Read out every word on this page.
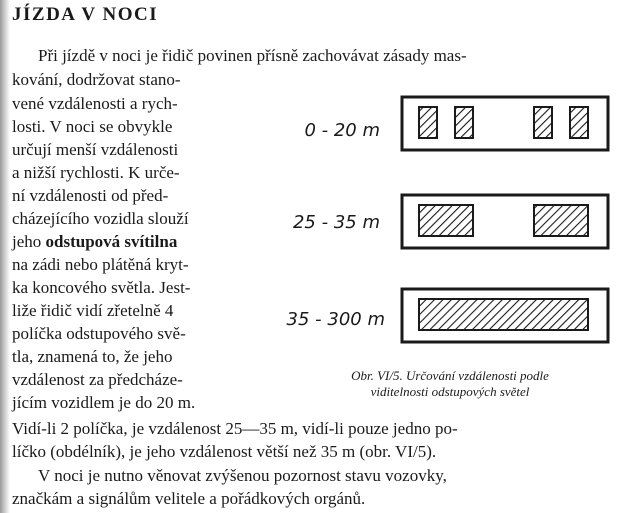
JÍZDA V NOCI

Při jízdě v noci je řidič povinen přísně zachovávat zásady mas-

kování, dodržovat stano-

vené vzdálenosti a rych-

losti. V noci se obvykle

určují menší vzdálenosti

a nižší rychlosti. K urče-

ní vzdálenosti od před-

cházejícího vozidla slouží

jeho odstupová svítilna

na zádi nebo plátěná kryt-

ka koncového světla. Jest-

liže řidič vidí zřetelně 4

políčka odstupového svě-

tla, znamená to, že jeho

vzdálenost za předcháze-

jícím vozidlem je do 20 m.

Vidí-li 2 políčka, je vzdálenost 25—35 m, vidí-li pouze jedno po-

líčko (obdélník), je jeho vzdálenost větší než 35 m (obr. VI/5).

V noci je nutno věnovat zvýšenou pozornost stavu vozovky,

značkám a signálům velitele a pořádkových orgánů.

0 - 20 m
25 - 35 m
35 - 300 m
Obr. VI/5. Určování vzdálenosti podle
viditelnosti odstupových světel
